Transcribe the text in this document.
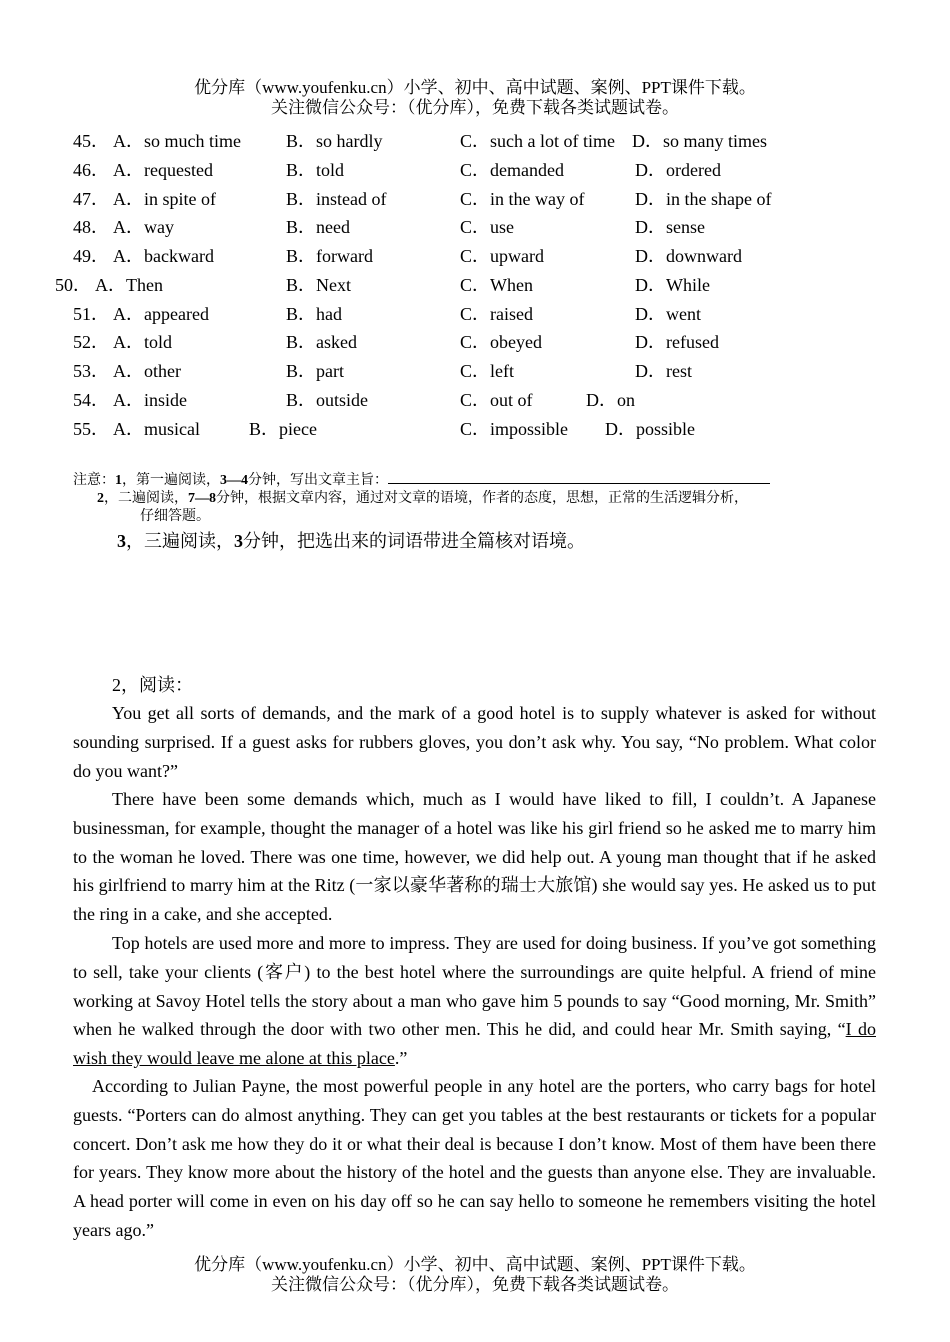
优分库（www.youfenku.cn）小学、初中、高中试题、案例、PPT课件下载。
关注微信公众号：（优分库），免费下载各类试题试卷。
45． A．so much time	B．so hardly	C．such a lot of time D．so many times
46． A．requested	B．told	C．demanded	D．ordered
47． A．in spite of	B．instead of	C．in the way of	D．in the shape of
48． A．way	B．need	C．use	D．sense
49． A．backward	B．forward	C．upward	D．downward
50． A．Then	B．Next	C．When	D．While
51． A．appeared	B．had	C．raised	D．went
52． A．told	B．asked	C．obeyed	D．refused
53． A．other	B．part	C．left	D．rest
54． A．inside	B．outside	C．out of	D．on
55． A．musical	B．piece	C．impossible D．possible
注意：1，第一遍阅读，3—4分钟，写出文章主旨：
2，二遍阅读，7—8分钟，根据文章内容，通过对文章的语境，作者的态度，思想，正常的生活逻辑分析，
仔细答题。
3，三遍阅读，3分钟，把选出来的词语带进全篇核对语境。
2，阅读：

You get all sorts of demands, and the mark of a good hotel is to supply whatever is asked for without sounding surprised. If a guest asks for rubbers gloves, you don’t ask why. You say, “No problem. What color do you want?”

There have been some demands which, much as I would have liked to fill, I couldn’t. A Japanese businessman, for example, thought the manager of a hotel was like his girl friend so he asked me to marry him to the woman he loved. There was one time, however, we did help out. A young man thought that if he asked his girlfriend to marry him at the Ritz (一家以豪华著称的瑞士大旅馆) she would say yes. He asked us to put the ring in a cake, and she accepted.

Top hotels are used more and more to impress. They are used for doing business. If you’ve got something to sell, take your clients (客户) to the best hotel where the surroundings are quite helpful. A friend of mine working at Savoy Hotel tells the story about a man who gave him 5 pounds to say “Good morning, Mr. Smith” when he walked through the door with two other men. This he did, and could hear Mr. Smith saying, “I do wish they would leave me alone at this place.”

According to Julian Payne, the most powerful people in any hotel are the porters, who carry bags for hotel guests. “Porters can do almost anything. They can get you tables at the best restaurants or tickets for a popular concert. Don’t ask me how they do it or what their deal is because I don’t know. Most of them have been there for years. They know more about the history of the hotel and the guests than anyone else. They are invaluable. A head porter will come in even on his day off so he can say hello to someone he remembers visiting the hotel years ago.”

优分库（www.youfenku.cn）小学、初中、高中试题、案例、PPT课件下载。
关注微信公众号：（优分库），免费下载各类试题试卷。
